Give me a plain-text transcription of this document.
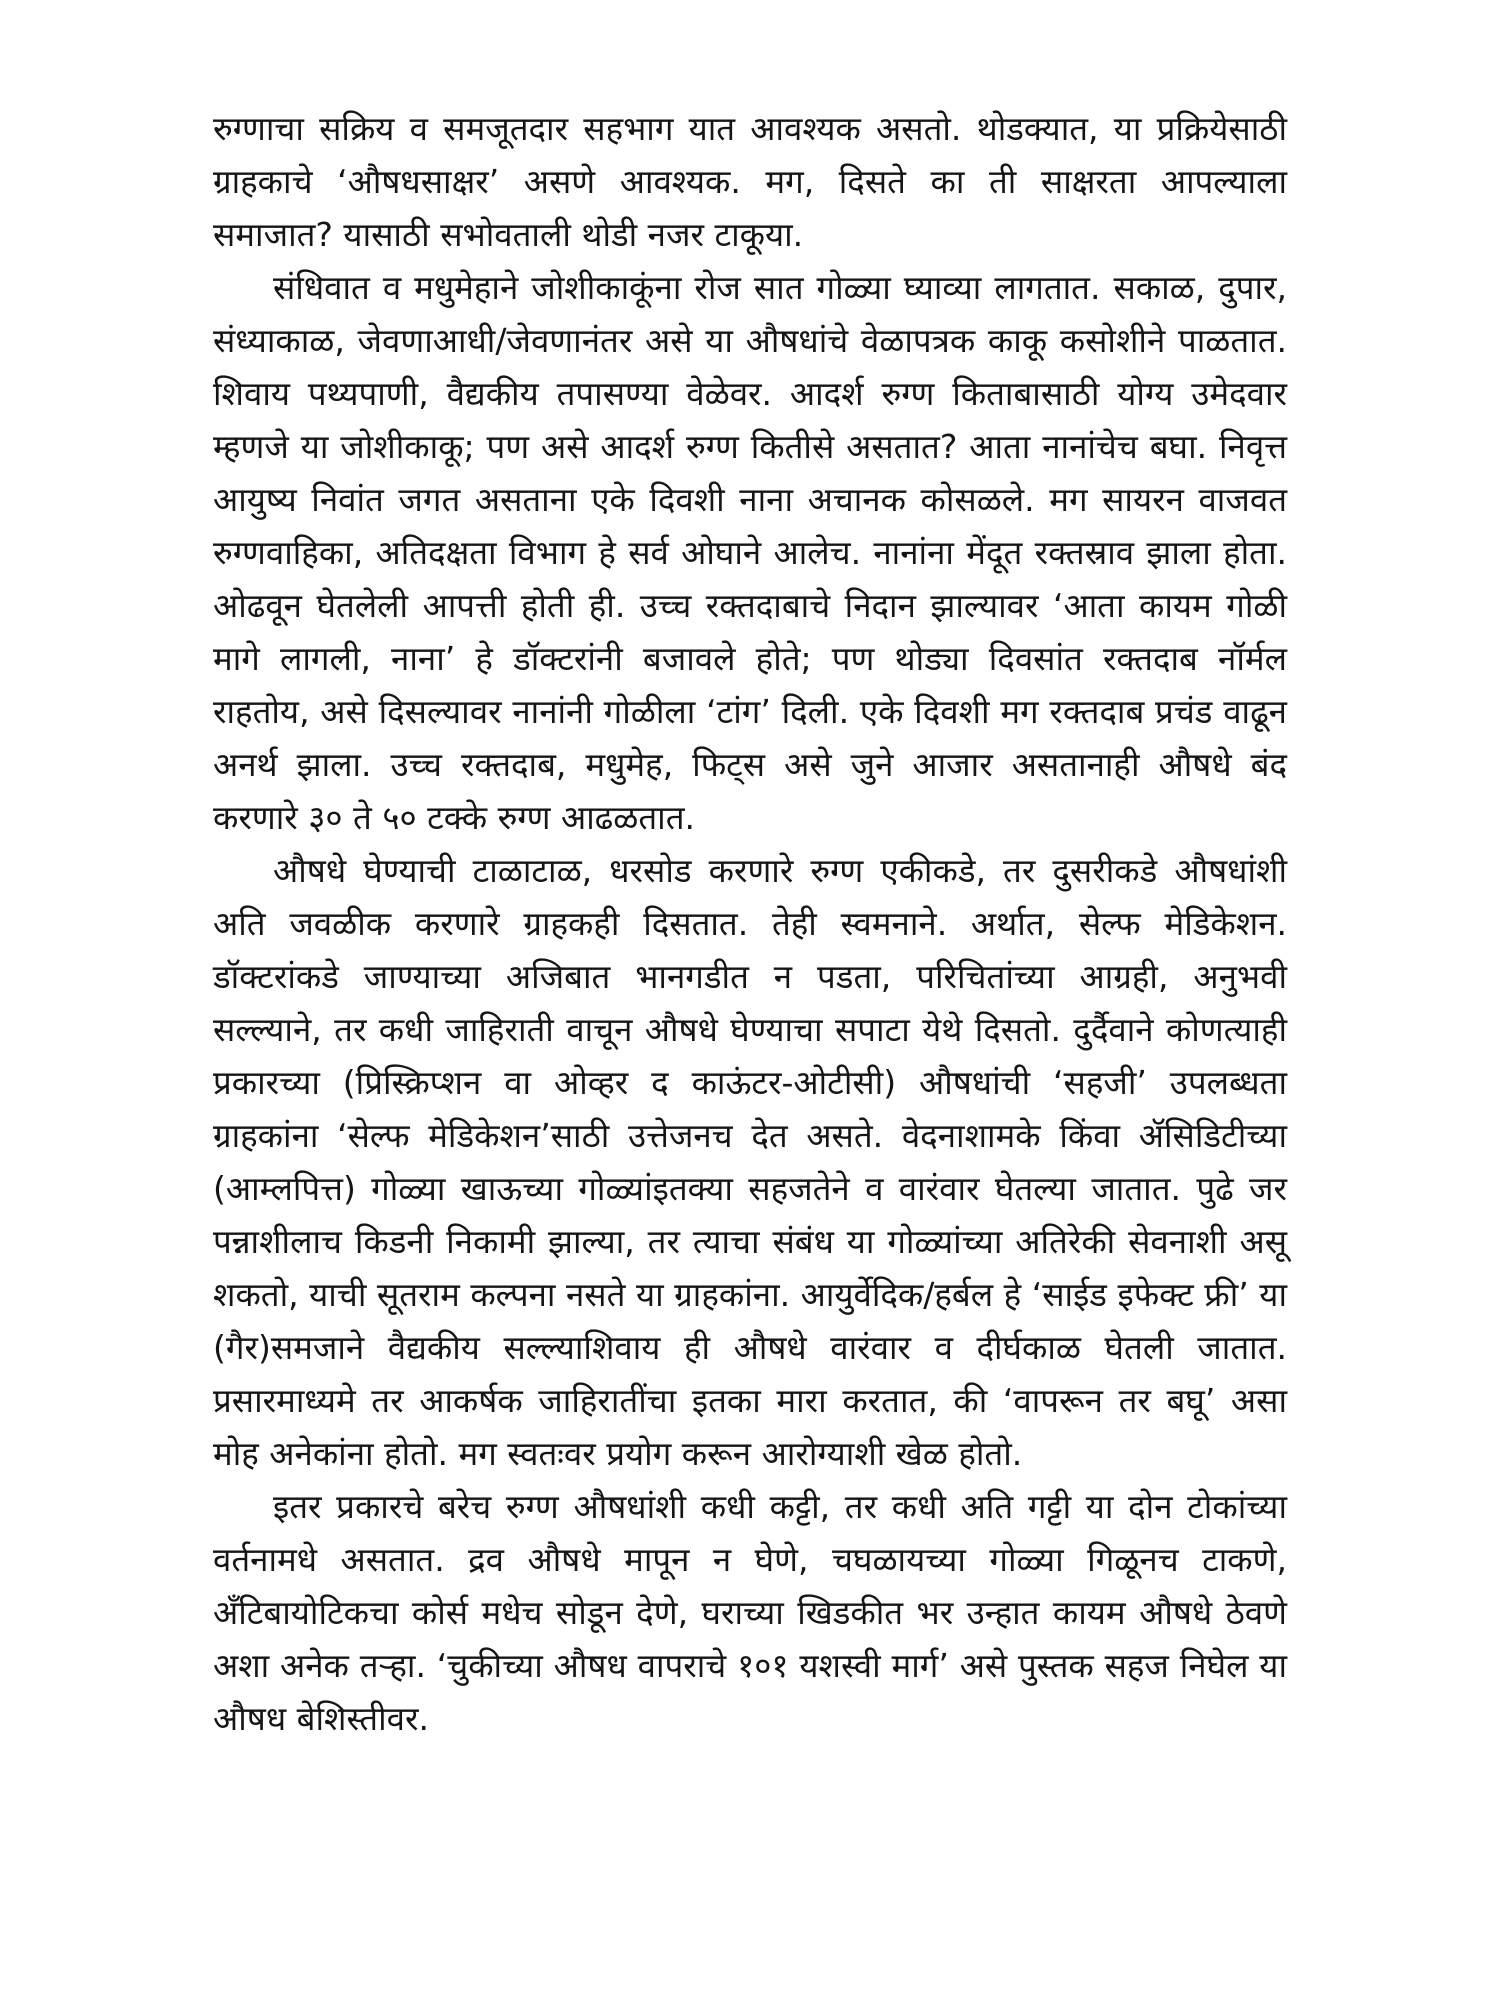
रुग्णाचा सक्रिय व समजूतदार सहभाग यात आवश्यक असतो. थोडक्यात, या प्रक्रियेसाठी ग्राहकाचे ‘औषधसाक्षर’ असणे आवश्यक. मग, दिसते का ती साक्षरता आपल्याला समाजात? यासाठी सभोवताली थोडी नजर टाकूया.

संधिवात व मधुमेहाने जोशीकाकूंना रोज सात गोळ्या घ्याव्या लागतात. सकाळ, दुपार, संध्याकाळ, जेवणाआधी/जेवणानंतर असे या औषधांचे वेळापत्रक काकू कसोशीने पाळतात. शिवाय पथ्यपाणी, वैद्यकीय तपासण्या वेळेवर. आदर्श रुग्ण किताबासाठी योग्य उमेदवार म्हणजे या जोशीकाकू; पण असे आदर्श रुग्ण कितीसे असतात? आता नानांचेच बघा. निवृत्त आयुष्य निवांत जगत असताना एके दिवशी नाना अचानक कोसळले. मग सायरन वाजवत रुग्णवाहिका, अतिदक्षता विभाग हे सर्व ओघाने आलेच. नानांना मेंदूत रक्तस्राव झाला होता. ओढवून घेतलेली आपत्ती होती ही. उच्च रक्तदाबाचे निदान झाल्यावर ‘आता कायम गोळी मागे लागली, नाना’ हे डॉक्टरांनी बजावले होते; पण थोड्या दिवसांत रक्तदाब नॉर्मल राहतोय, असे दिसल्यावर नानांनी गोळीला ‘टांग’ दिली. एके दिवशी मग रक्तदाब प्रचंड वाढून अनर्थ झाला. उच्च रक्तदाब, मधुमेह, फिट्स असे जुने आजार असतानाही औषधे बंद करणारे ३० ते ५० टक्के रुग्ण आढळतात.

औषधे घेण्याची टाळाटाळ, धरसोड करणारे रुग्ण एकीकडे, तर दुसरीकडे औषधांशी अति जवळीक करणारे ग्राहकही दिसतात. तेही स्वमनाने. अर्थात, सेल्फ मेडिकेशन. डॉक्टरांकडे जाण्याच्या अजिबात भानगडीत न पडता, परिचितांच्या आग्रही, अनुभवी सल्ल्याने, तर कधी जाहिराती वाचून औषधे घेण्याचा सपाटा येथे दिसतो. दुर्दैवाने कोणत्याही प्रकारच्या (प्रिस्क्रिप्शन वा ओव्हर द काऊंटर-ओटीसी) औषधांची ‘सहजी’ उपलब्धता ग्राहकांना ‘सेल्फ मेडिकेशन’साठी उत्तेजनच देत असते. वेदनाशामके किंवा ॲसिडिटीच्या (आम्लपित्त) गोळ्या खाऊच्या गोळ्यांइतक्या सहजतेने व वारंवार घेतल्या जातात. पुढे जर पन्नाशीलाच किडनी निकामी झाल्या, तर त्याचा संबंध या गोळ्यांच्या अतिरेकी सेवनाशी असू शकतो, याची सूतराम कल्पना नसते या ग्राहकांना. आयुर्वेदिक/हर्बल हे ‘साईड इफेक्ट फ्री’ या (गैर)समजाने वैद्यकीय सल्ल्याशिवाय ही औषधे वारंवार व दीर्घकाळ घेतली जातात. प्रसारमाध्यमे तर आकर्षक जाहिरातींचा इतका मारा करतात, की ‘वापरून तर बघू’ असा मोह अनेकांना होतो. मग स्वतःवर प्रयोग करून आरोग्याशी खेळ होतो.

इतर प्रकारचे बरेच रुग्ण औषधांशी कधी कट्टी, तर कधी अति गट्टी या दोन टोकांच्या वर्तनामधे असतात. द्रव औषधे मापून न घेणे, चघळायच्या गोळ्या गिळूनच टाकणे, ॲंटिबायोटिकचा कोर्स मधेच सोडून देणे, घराच्या खिडकीत भर उन्हात कायम औषधे ठेवणे अशा अनेक तऱ्हा. ‘चुकीच्या औषध वापराचे १०१ यशस्वी मार्ग’ असे पुस्तक सहज निघेल या औषध बेशिस्तीवर.
